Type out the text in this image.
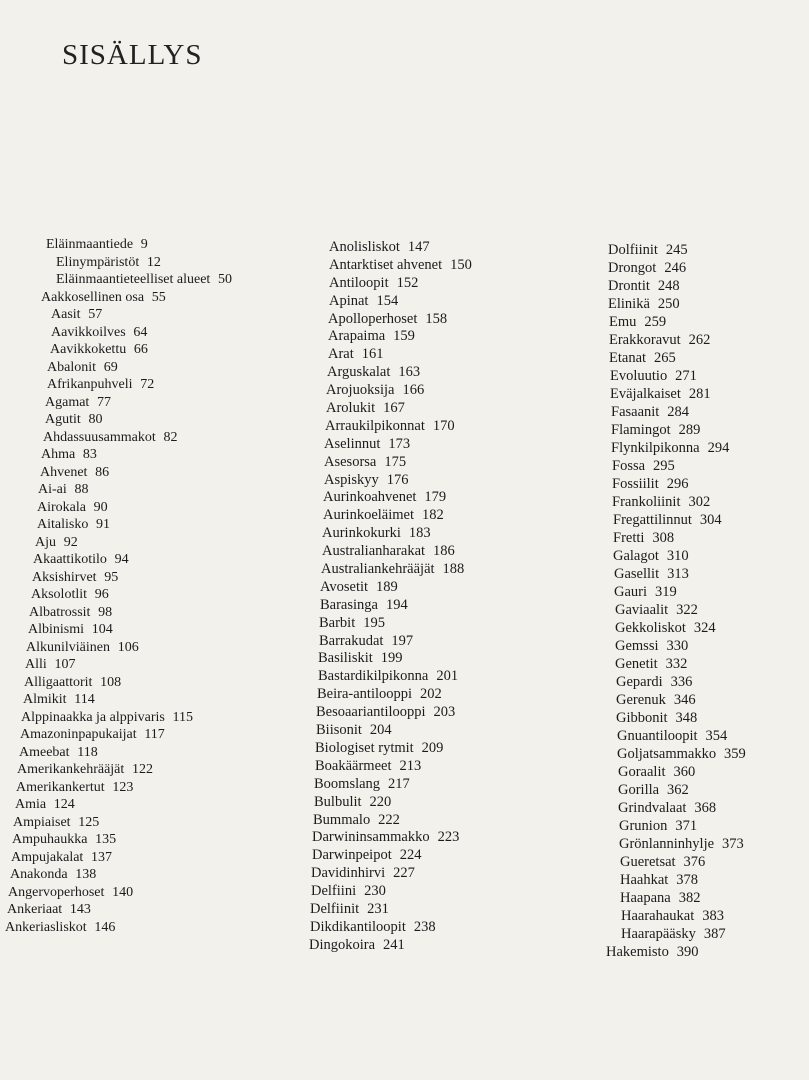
SISÄLLYS
Eläinmaantiede 9
Elinympäristöt 12
Eläinmaantieteelliset alueet 50
Aakkosellinen osa 55
Aasit 57
Aavikkoilves 64
Aavikkokettu 66
Abalonit 69
Afrikanpuhveli 72
Agamat 77
Agutit 80
Ahdassuusammakot 82
Ahma 83
Ahvenet 86
Ai-ai 88
Airokala 90
Aitalisko 91
Aju 92
Akaattikotilo 94
Aksishirvet 95
Aksolotlit 96
Albatrossit 98
Albinismi 104
Alkunilviäinen 106
Alli 107
Alligaattorit 108
Almikit 114
Alppinaakka ja alppivaris 115
Amazoninpapukaijat 117
Ameebat 118
Amerikankehrääjät 122
Amerikankertut 123
Amia 124
Ampiaiset 125
Ampuhaukka 135
Ampujakalat 137
Anakonda 138
Angervoperhoset 140
Ankeriaat 143
Ankeriasliskot 146
Anolisliskot 147
Antarktiset ahvenet 150
Antiloopit 152
Apinat 154
Apolloperhoset 158
Arapaima 159
Arat 161
Arguskalat 163
Arojuoksija 166
Arolukit 167
Arraukilpikonnat 170
Aselinnut 173
Asesorsa 175
Aspiskyy 176
Aurinkoahvenet 179
Aurinkoeläimet 182
Aurinkokurki 183
Australianharakat 186
Australiankehrääjät 188
Avosetit 189
Barasinga 194
Barbit 195
Barrakudat 197
Basiliskit 199
Bastardikilpikonna 201
Beira-antilooppi 202
Besoaariantilooppi 203
Biisonit 204
Biologiset rytmit 209
Boakäärmeet 213
Boomslang 217
Bulbulit 220
Bummalo 222
Darwininsammakko 223
Darwinpeipot 224
Davidinhirvi 227
Delfiini 230
Delfiinit 231
Dikdikantiloopit 238
Dingokoira 241
Dolfiinit 245
Drongot 246
Drontit 248
Elinikä 250
Emu 259
Erakkoravut 262
Etanat 265
Evoluutio 271
Eväjalkaiset 281
Fasaanit 284
Flamingot 289
Flynkilpikonna 294
Fossa 295
Fossiilit 296
Frankoliinit 302
Fregattilinnut 304
Fretti 308
Galagot 310
Gasellit 313
Gauri 319
Gaviaalit 322
Gekkoliskot 324
Gemssi 330
Genetit 332
Gepardi 336
Gerenuk 346
Gibbonit 348
Gnuantiloopit 354
Goljatsammakko 359
Goraalit 360
Gorilla 362
Grindvalaat 368
Grunion 371
Grönlanninhylje 373
Gueretsat 376
Haahkat 378
Haapana 382
Haarahaukat 383
Haarapääsky 387
Hakemisto 390
